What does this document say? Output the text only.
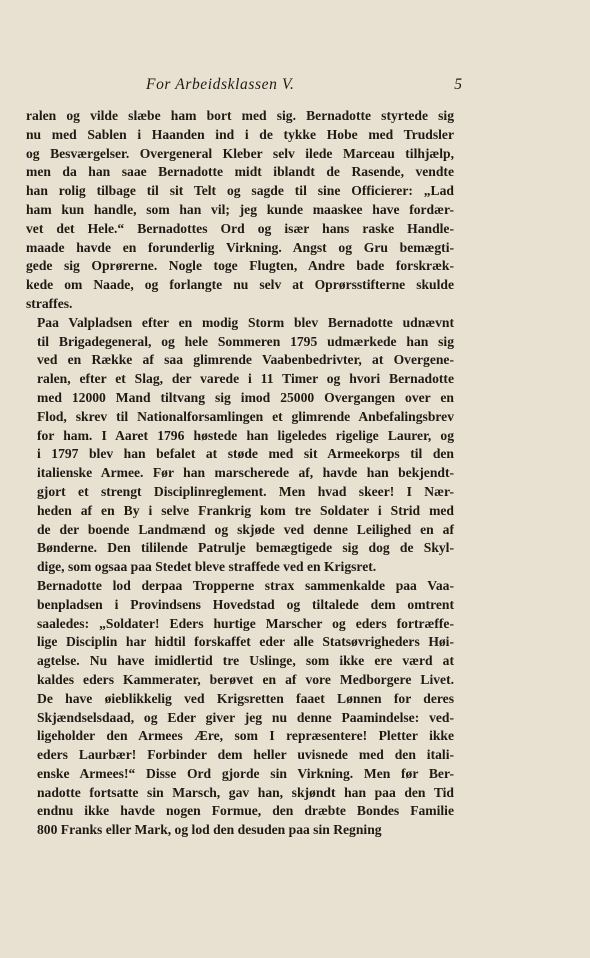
For Arbeidsklassen V.	5

ralen og vilde slæbe ham bort med sig. Bernadotte styrtede sig
nu med Sablen i Haanden ind i de tykke Hobe med Trudsler
og Besværgelser. Overgeneral Kleber selv ilede Marceau tilhjælp,
men da han saae Bernadotte midt iblandt de Rasende, vendte
han rolig tilbage til sit Telt og sagde til sine Officierer: „Lad
ham kun handle, som han vil; jeg kunde maaskee have fordær-
vet det Hele.“ Bernadottes Ord og især hans raske Handle-
maade havde en forunderlig Virkning. Angst og Gru bemægti-
gede sig Oprørerne. Nogle toge Flugten, Andre bade forskræk-
kede om Naade, og forlangte nu selv at Oprørsstifterne skulde
straffes.

Paa Valpladsen efter en modig Storm blev Bernadotte udnævnt
til Brigadegeneral, og hele Sommeren 1795 udmærkede han sig
ved en Række af saa glimrende Vaabenbedrivter, at Overgene-
ralen, efter et Slag, der varede i 11 Timer og hvori Bernadotte
med 12000 Mand tiltvang sig imod 25000 Overgangen over en
Flod, skrev til Nationalforsamlingen et glimrende Anbefalingsbrev
for ham. I Aaret 1796 høstede han ligeledes rigelige Laurer, og
i 1797 blev han befalet at støde med sit Armeekorps til den
italienske Armee. Før han marscherede af, havde han bekjendt-
gjort et strengt Disciplinreglement. Men hvad skeer! I Nær-
heden af en By i selve Frankrig kom tre Soldater i Strid med
de der boende Landmænd og skjøde ved denne Leilighed en af
Bønderne. Den tililende Patrulje bemægtigede sig dog de Skyl-
dige, som ogsaa paa Stedet bleve straffede ved en Krigsret.

Bernadotte lod derpaa Tropperne strax sammenkalde paa Vaa-
benpladsen i Provindsens Hovedstad og tiltalede dem omtrent
saaledes: „Soldater! Eders hurtige Marscher og eders fortræffe-
lige Disciplin har hidtil forskaffet eder alle Statsøvrigheders Høi-
agtelse. Nu have imidlertid tre Uslinge, som ikke ere værd at
kaldes eders Kammerater, berøvet en af vore Medborgere Livet.
De have øieblikkelig ved Krigsretten faaet Lønnen for deres
Skjændselsdaad, og Eder giver jeg nu denne Paamindelse: ved-
ligeholder den Armees Ære, som I repræsentere! Pletter ikke
eders Laurbær! Forbinder dem heller uvisnede med den itali-
enske Armees!“ Disse Ord gjorde sin Virkning. Men før Ber-
nadotte fortsatte sin Marsch, gav han, skjøndt han paa den Tid
endnu ikke havde nogen Formue, den dræbte Bondes Familie
800 Franks eller Mark, og lod den desuden paa sin Regning
